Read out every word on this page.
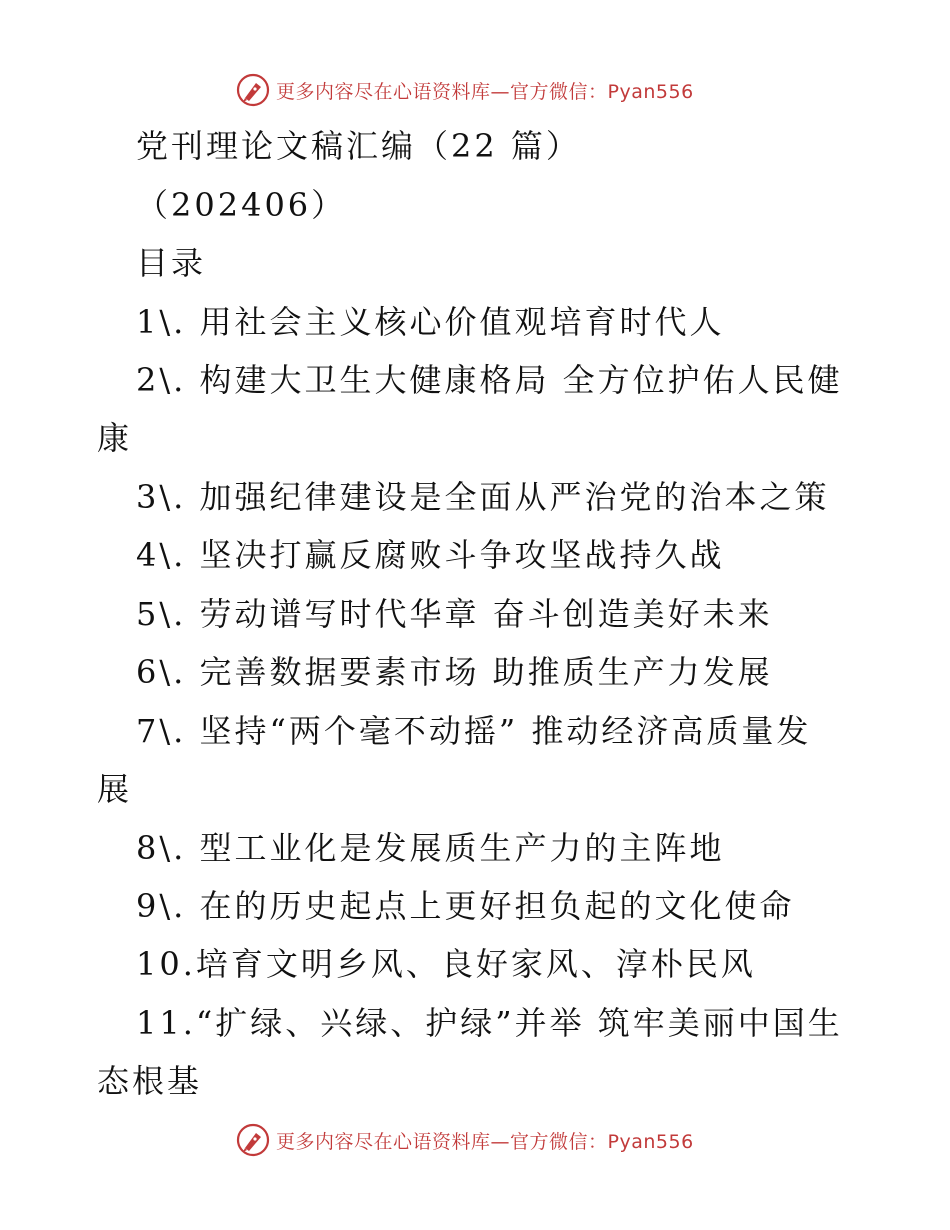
更多内容尽在心语资料库—官方微信：Pyan556
党刊理论文稿汇编（22 篇）
（202406）
目录
1\. 用社会主义核心价值观培育时代人
2\. 构建大卫生大健康格局 全方位护佑人民健
康
3\. 加强纪律建设是全面从严治党的治本之策
4\. 坚决打赢反腐败斗争攻坚战持久战
5\. 劳动谱写时代华章 奋斗创造美好未来
6\. 完善数据要素市场 助推质生产力发展
7\. 坚持“两个毫不动摇” 推动经济高质量发
展
8\. 型工业化是发展质生产力的主阵地
9\. 在的历史起点上更好担负起的文化使命
10.培育文明乡风、良好家风、淳朴民风
11.“扩绿、兴绿、护绿”并举 筑牢美丽中国生
态根基
更多内容尽在心语资料库—官方微信：Pyan556
